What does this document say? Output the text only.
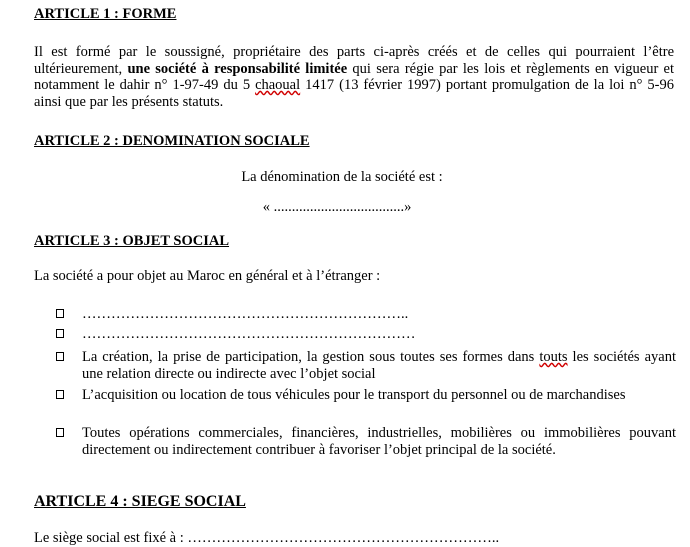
ARTICLE 1 : FORME
Il est formé par le soussigné, propriétaire des parts ci-après créés et de celles qui pourraient l’être ultérieurement, une société à responsabilité limitée qui sera régie par les lois et règlements en vigueur et notamment le dahir n° 1-97-49 du 5 chaoual 1417 (13 février 1997) portant promulgation de la loi n° 5-96 ainsi que par les présents statuts.
ARTICLE 2 : DENOMINATION SOCIALE
La dénomination de la société est :
« ....................................»
ARTICLE 3 : OBJET SOCIAL
La société a pour objet au Maroc en général et à l’étranger :
…………………………………………………………..
……………………………………………………………
La création, la prise de participation, la gestion sous toutes ses formes dans touts les sociétés ayant une relation directe ou indirecte avec l’objet social
L’acquisition ou location de tous véhicules pour le transport du personnel ou de marchandises
Toutes opérations commerciales, financières, industrielles, mobilières ou immobilières pouvant directement ou indirectement contribuer à favoriser l’objet principal de la société.
ARTICLE 4 : SIEGE SOCIAL
Le siège social est fixé à : ………………………………………………………..
